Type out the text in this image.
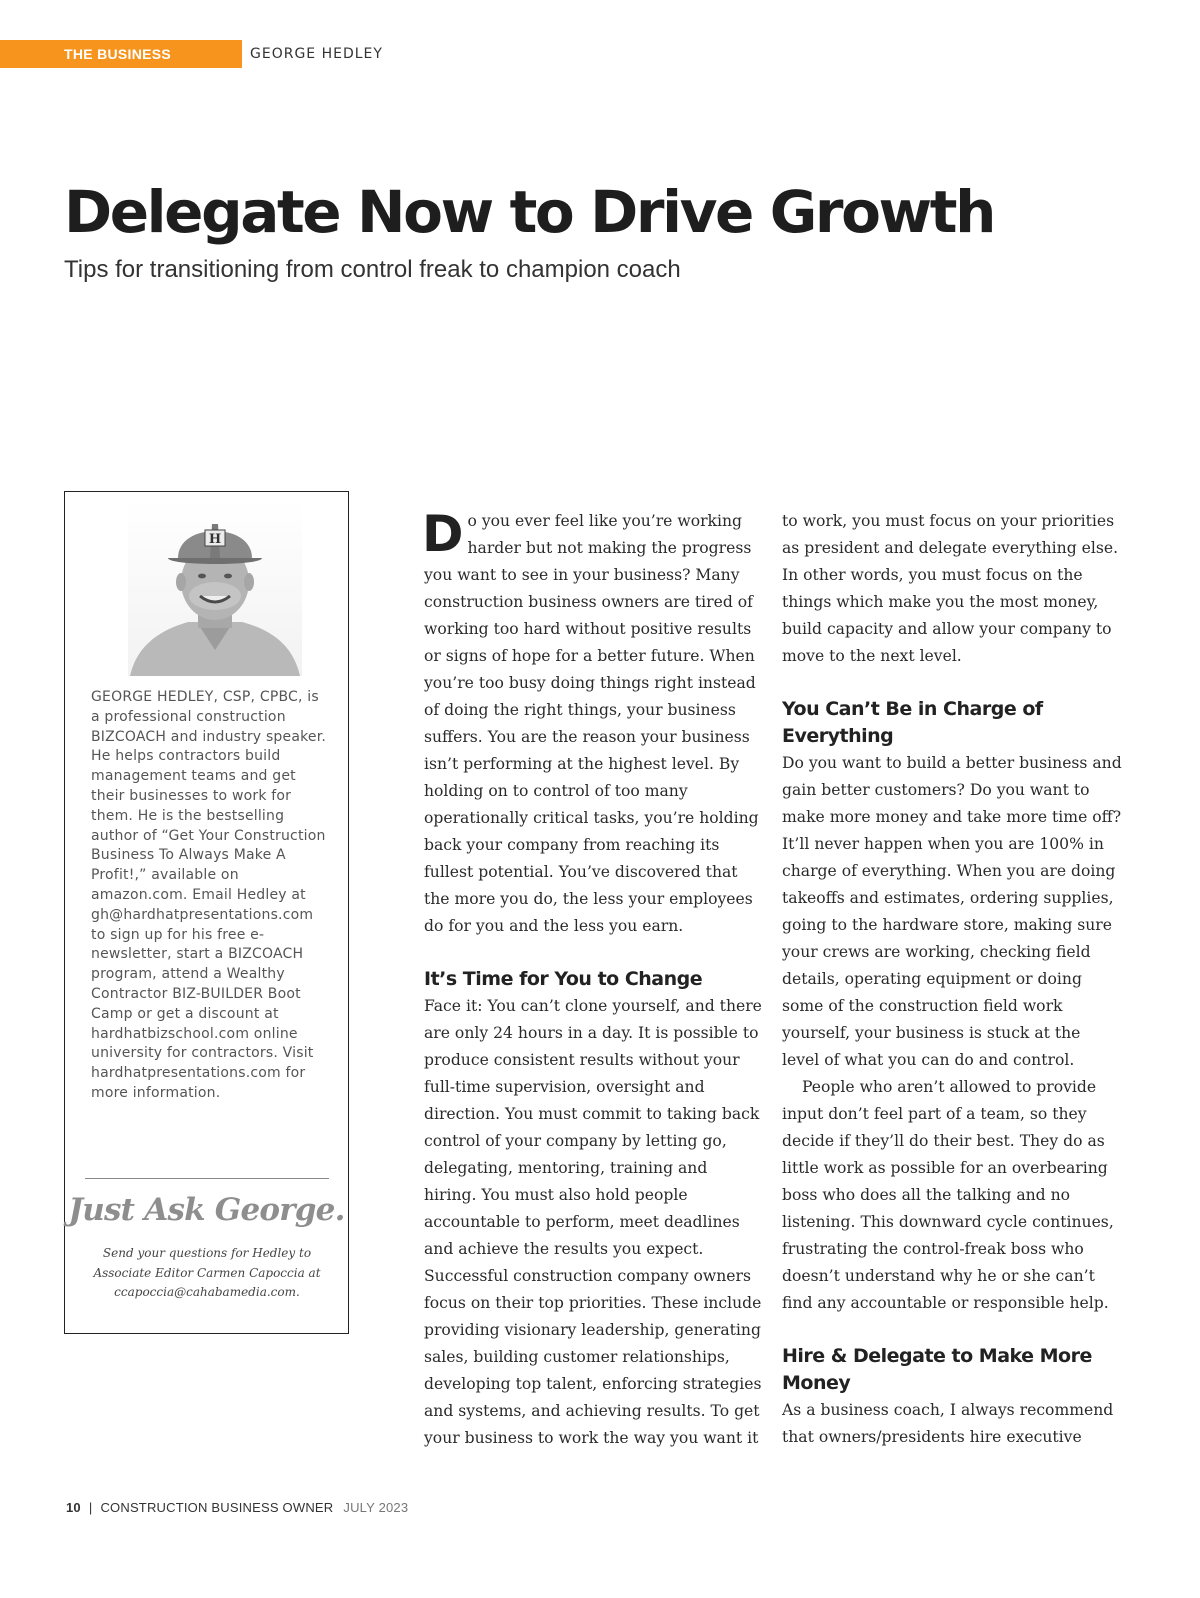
THE BUSINESS COUNCIL
GEORGE HEDLEY
Delegate Now to Drive Growth

Tips for transitioning from control freak to champion coach

H

GEORGE HEDLEY, CSP, CPBC, is a professional construction BIZCOACH and industry speaker. He helps contractors build management teams and get their businesses to work for them. He is the bestselling author of “Get Your Construction Business To Always Make A Profit!,” available on amazon.com. Email Hedley at gh@hardhatpresentations.com to sign up for his free e-newsletter, start a BIZCOACH program, attend a Wealthy Contractor BIZ-BUILDER Boot Camp or get a discount at hardhatbizschool.com online university for contractors. Visit hardhatpresentations.com for more information.

Just Ask George.

Send your questions for Hedley to Associate Editor Carmen Capoccia at ccapoccia@cahabamedia.com.

Do you ever feel like you’re working harder but not making the progress you want to see in your business? Many construction business owners are tired of working too hard without positive results or signs of hope for a better future. When you’re too busy doing things right instead of doing the right things, your business suffers. You are the reason your business isn’t performing at the highest level. By holding on to control of too many operationally critical tasks, you’re holding back your company from reaching its fullest potential. You’ve discovered that the more you do, the less your employees do for you and the less you earn.

It’s Time for You to Change

Face it: You can’t clone yourself, and there are only 24 hours in a day. It is possible to produce consistent results without your full-time supervision, oversight and direction. You must commit to taking back control of your company by letting go, delegating, mentoring, training and hiring. You must also hold people accountable to perform, meet deadlines and achieve the results you expect. Successful construction company owners focus on their top priorities. These include providing visionary leadership, generating sales, building customer relationships, developing top talent, enforcing strategies and systems, and achieving results. To get your business to work the way you want it

to work, you must focus on your priorities as president and delegate everything else. In other words, you must focus on the things which make you the most money, build capacity and allow your company to move to the next level.

You Can’t Be in Charge of Everything

Do you want to build a better business and gain better customers? Do you want to make more money and take more time off? It’ll never happen when you are 100% in charge of everything. When you are doing takeoffs and estimates, ordering supplies, going to the hardware store, making sure your crews are working, checking field details, operating equipment or doing some of the construction field work yourself, your business is stuck at the level of what you can do and control.

People who aren’t allowed to provide input don’t feel part of a team, so they decide if they’ll do their best. They do as little work as possible for an overbearing boss who does all the talking and no listening. This downward cycle continues, frustrating the control-freak boss who doesn’t understand why he or she can’t find any accountable or responsible help.

Hire & Delegate to Make More Money

As a business coach, I always recommend that owners/presidents hire executive

10 | CONSTRUCTION BUSINESS OWNER JULY 2023
